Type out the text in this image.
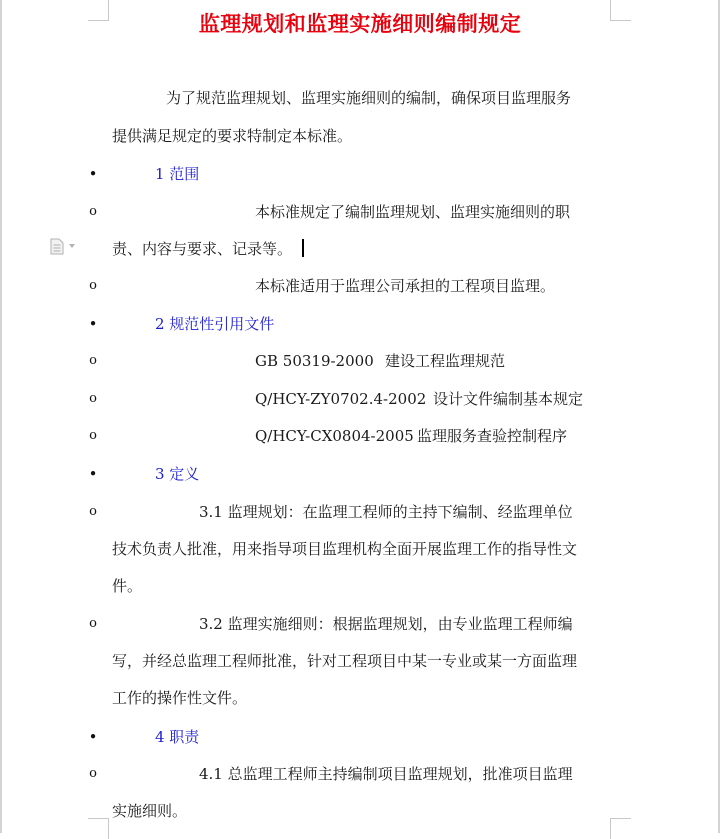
监理规划和监理实施细则编制规定
为了规范监理规划、监理实施细则的编制，确保项目监理服务
提供满足规定的要求特制定本标准。
•	1 范围
o	本标准规定了编制监理规划、监理实施细则的职
责、内容与要求、记录等。
o	本标准适用于监理公司承担的工程项目监理。
•	2 规范性引用文件
o	GB 50319-2000 建设工程监理规范
o	Q/HCY-ZY0702.4-2002 设计文件编制基本规定
o	Q/HCY-CX0804-2005 监理服务查验控制程序
•	3 定义
o	3.1 监理规划：在监理工程师的主持下编制、经监理单位
技术负责人批准，用来指导项目监理机构全面开展监理工作的指导性文
件。
o	3.2 监理实施细则：根据监理规划，由专业监理工程师编
写，并经总监理工程师批准，针对工程项目中某一专业或某一方面监理
工作的操作性文件。
•	4 职责
o	4.1 总监理工程师主持编制项目监理规划，批准项目监理
实施细则。
